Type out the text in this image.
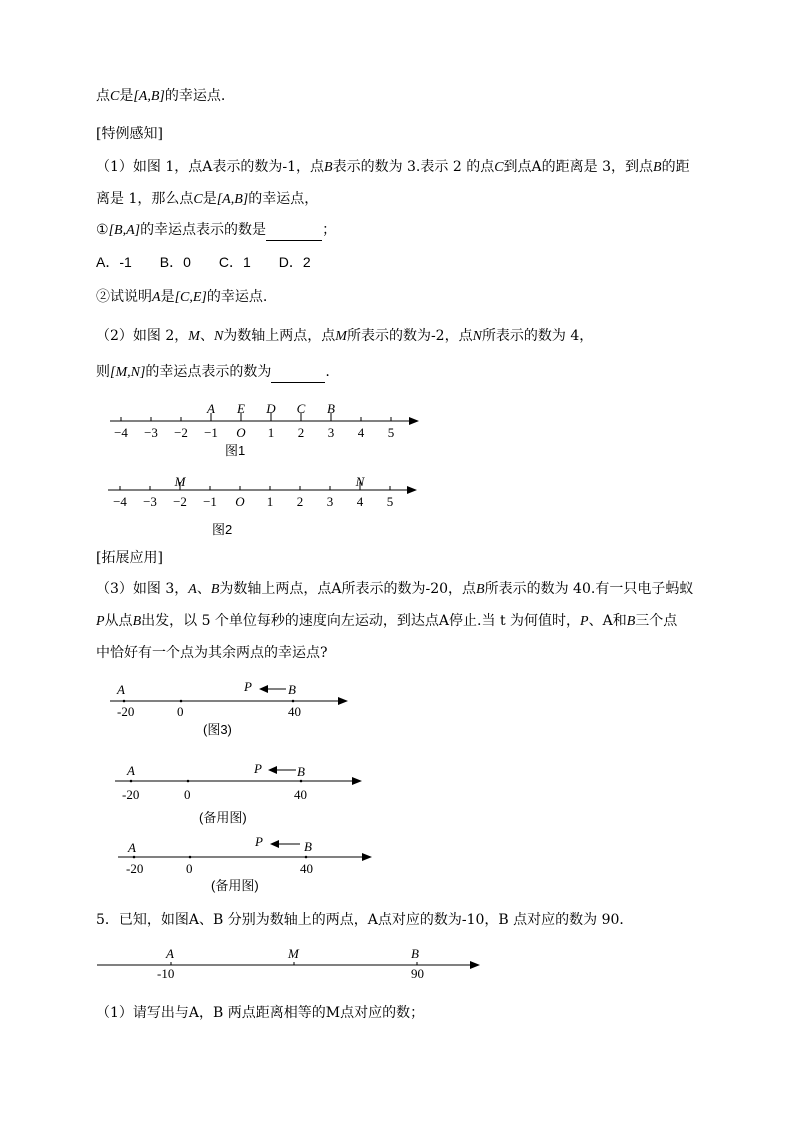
点C是[A,B]的幸运点.
[特例感知]
（1）如图 1，点A表示的数为-1，点B表示的数为 3.表示 2 的点C到点A的距离是 3，到点B的距
离是 1，那么点C是[A,B]的幸运点，
①[B,A]的幸运点表示的数是	；
A．-1　　B．0　　C．1　　D．2
②试说明A是[C,E]的幸运点.
（2）如图 2，M、N为数轴上两点，点M所表示的数为-2，点N所表示的数为 4，
则[M,N]的幸运点表示的数为	.
−4 −3 −2 −1 O 1 2 3 4 5
A E D C B
图1
−4 −3 −2 −1 O 1 2 3 4 5
M	N
图2
[拓展应用]
（3）如图 3，A、B为数轴上两点，点A所表示的数为-20，点B所表示的数为 40.有一只电子蚂蚁
P从点B出发，以 5 个单位每秒的速度向左运动，到达点A停止.当 t 为何值时，P、A和B三个点
中恰好有一个点为其余两点的幸运点?
A
-20	0	40
B
P
(图3)
A
-20	0	40
B
P
(备用图)
A
-20	0	40
B
P
(备用图)
5．已知，如图A、B 分别为数轴上的两点，A点对应的数为-10，B 点对应的数为 90．
A
-10
M	B
90
（1）请写出与A，B 两点距离相等的M点对应的数；
